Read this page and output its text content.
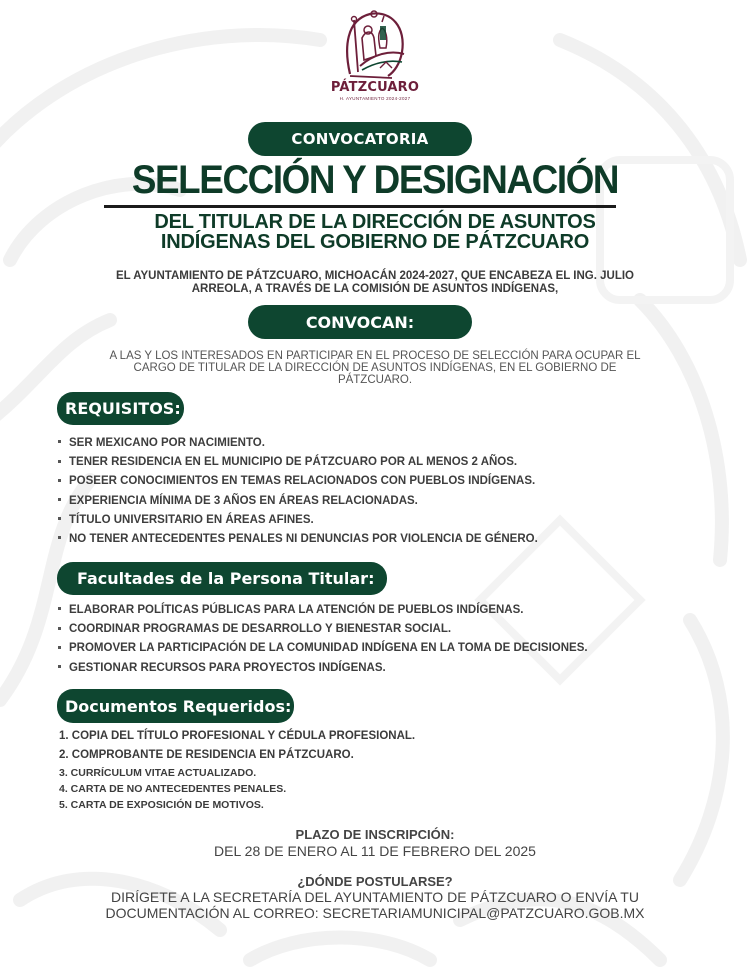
PÁTZCUARO
H. AYUNTAMIENTO 2024-2027
CONVOCATORIA
SELECCIÓN Y DESIGNACIÓN
DEL TITULAR DE LA DIRECCIÓN DE ASUNTOS
INDÍGENAS DEL GOBIERNO DE PÁTZCUARO
EL AYUNTAMIENTO DE PÁTZCUARO, MICHOACÁN 2024-2027, QUE ENCABEZA EL ING. JULIO
ARREOLA, A TRAVÉS DE LA COMISIÓN DE ASUNTOS INDÍGENAS,
CONVOCAN:
A LAS Y LOS INTERESADOS EN PARTICIPAR EN EL PROCESO DE SELECCIÓN PARA OCUPAR EL
CARGO DE TITULAR DE LA DIRECCIÓN DE ASUNTOS INDÍGENAS, EN EL GOBIERNO DE
PÁTZCUARO.
REQUISITOS:
SER MEXICANO POR NACIMIENTO.
TENER RESIDENCIA EN EL MUNICIPIO DE PÁTZCUARO POR AL MENOS 2 AÑOS.
POSEER CONOCIMIENTOS EN TEMAS RELACIONADOS CON PUEBLOS INDÍGENAS.
EXPERIENCIA MÍNIMA DE 3 AÑOS EN ÁREAS RELACIONADAS.
TÍTULO UNIVERSITARIO EN ÁREAS AFINES.
NO TENER ANTECEDENTES PENALES NI DENUNCIAS POR VIOLENCIA DE GÉNERO.
Facultades de la Persona Titular:
ELABORAR POLÍTICAS PÚBLICAS PARA LA ATENCIÓN DE PUEBLOS INDÍGENAS.
COORDINAR PROGRAMAS DE DESARROLLO Y BIENESTAR SOCIAL.
PROMOVER LA PARTICIPACIÓN DE LA COMUNIDAD INDÍGENA EN LA TOMA DE DECISIONES.
GESTIONAR RECURSOS PARA PROYECTOS INDÍGENAS.
Documentos Requeridos:
1. COPIA DEL TÍTULO PROFESIONAL Y CÉDULA PROFESIONAL.
2. COMPROBANTE DE RESIDENCIA EN PÁTZCUARO.
3. CURRÍCULUM VITAE ACTUALIZADO.
4. CARTA DE NO ANTECEDENTES PENALES.
5. CARTA DE EXPOSICIÓN DE MOTIVOS.
PLAZO DE INSCRIPCIÓN:
DEL 28 DE ENERO AL 11 DE FEBRERO DEL 2025
¿DÓNDE POSTULARSE?
DIRÍGETE A LA SECRETARÍA DEL AYUNTAMIENTO DE PÁTZCUARO O ENVÍA TU
DOCUMENTACIÓN AL CORREO: SECRETARIAMUNICIPAL@PATZCUARO.GOB.MX
